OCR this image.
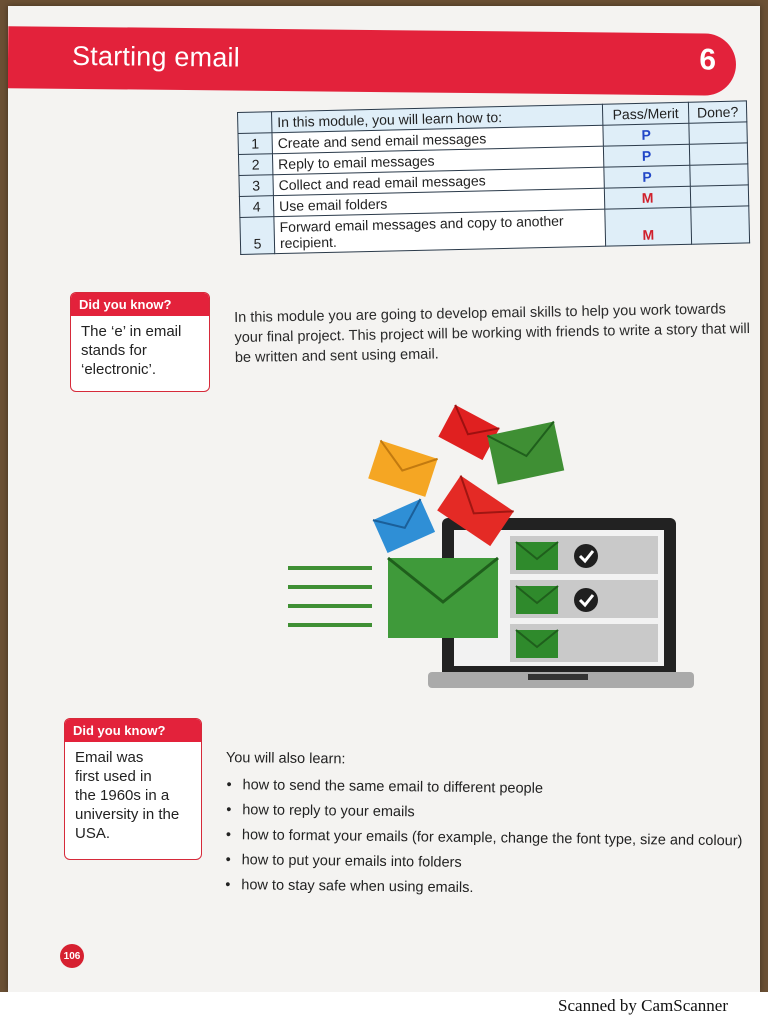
Starting email	6
	In this module, you will learn how to:	Pass/Merit	Done?
1	Create and send email messages	P	
2	Reply to email messages	P	
3	Collect and read email messages	P	
4	Use email folders	M	
5	Forward email messages and copy to another recipient.	M	
Did you know?
The ‘e’ in email
stands for
‘electronic’.

In this module you are going to develop email skills to help you work towards your final project. This project will be working with friends to write a story that will be written and sent using email.

Did you know?
Email was
first used in
the 1960s in a
university in the
USA.

You will also learn:

• how to send the same email to different people
• how to reply to your emails
• how to format your emails (for example, change the font type, size and colour)
• how to put your emails into folders
• how to stay safe when using emails.
106
Scanned by CamScanner
